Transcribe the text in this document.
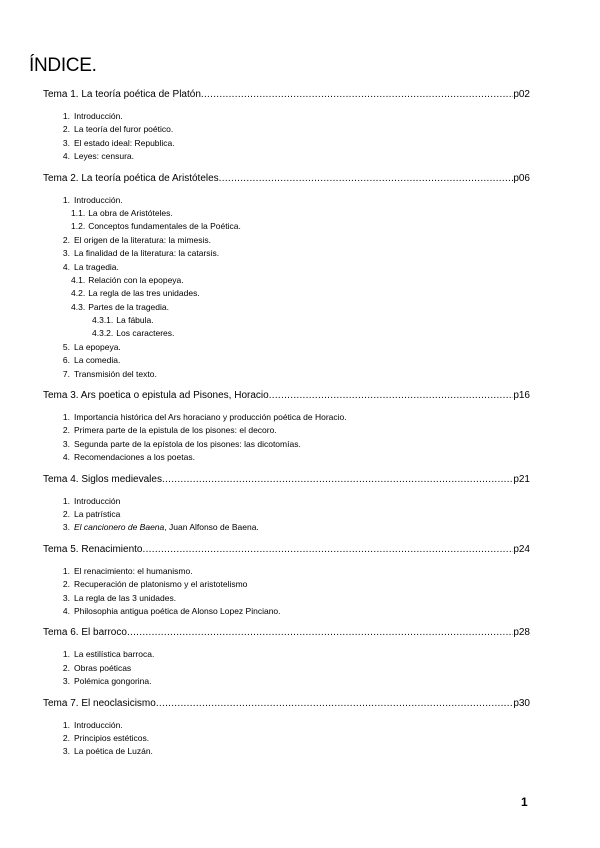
ÍNDICE.

Tema 1. La teoría poética de Platón .....	p02

1. Introducción.
2. La teoría del furor poético.
3. El estado ideal: Republica.
4. Leyes: censura.

Tema 2. La teoría poética de Aristóteles .....	p06

1. Introducción.
1.1. La obra de Aristóteles.
1.2. Conceptos fundamentales de la Poética.
2. El origen de la literatura: la mimesis.
3. La finalidad de la literatura: la catarsis.
4. La tragedia.
4.1. Relación con la epopeya.
4.2. La regla de las tres unidades.
4.3. Partes de la tragedia.
4.3.1. La fábula.
4.3.2. Los caracteres.
5. La epopeya.
6. La comedia.
7. Transmisión del texto.

Tema 3. Ars poetica o epistula ad Pisones, Horacio .....	p16

1. Importancia histórica del Ars horaciano y producción poética de Horacio.
2. Primera parte de la epistula de los pisones: el decoro.
3. Segunda parte de la epístola de los pisones: las dicotomías.
4. Recomendaciones a los poetas.

Tema 4. Siglos medievales .....	p21

1. Introducción
2. La patrística
3. El cancionero de Baena, Juan Alfonso de Baena.

Tema 5. Renacimiento .....	p24

1. El renacimiento: el humanismo.
2. Recuperación de platonismo y el aristotelismo
3. La regla de las 3 unidades.
4. Philosophia antigua poética de Alonso Lopez Pinciano.

Tema 6. El barroco .....	p28

1. La estilística barroca.
2. Obras poéticas
3. Polémica gongorina.

Tema 7. El neoclasicismo .....	p30

1. Introducción.
2. Principios estéticos.
3. La poética de Luzán.
1
